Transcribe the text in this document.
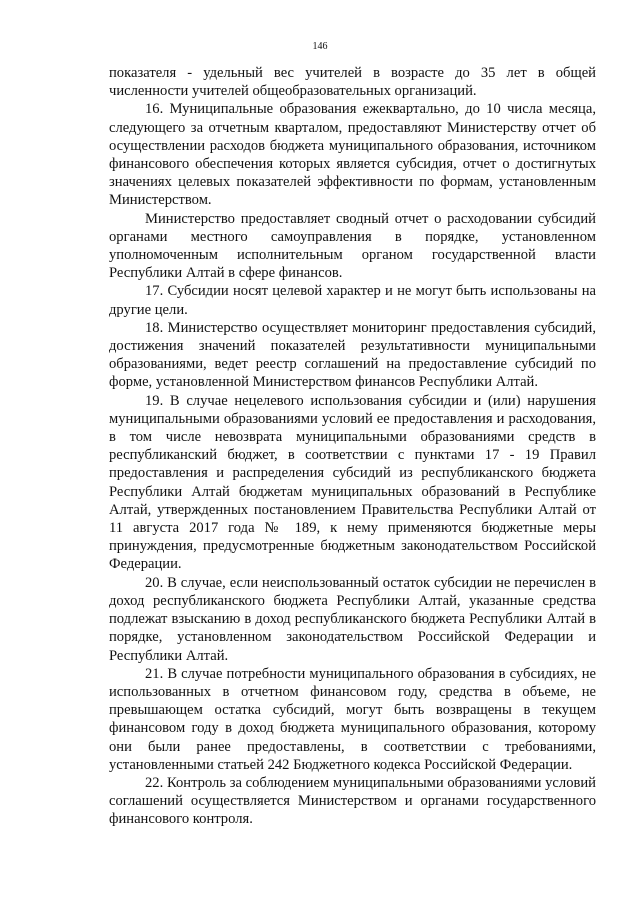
146

показателя - удельный вес учителей в возрасте до 35 лет в общей численности учителей общеобразовательных организаций.

16. Муниципальные образования ежеквартально, до 10 числа месяца, следующего за отчетным кварталом, предоставляют Министерству отчет об осуществлении расходов бюджета муниципального образования, источником финансового обеспечения которых является субсидия, отчет о достигнутых значениях целевых показателей эффективности по формам, установленным Министерством.

Министерство предоставляет сводный отчет о расходовании субсидий органами местного самоуправления в порядке, установленном уполномоченным исполнительным органом государственной власти Республики Алтай в сфере финансов.

17. Субсидии носят целевой характер и не могут быть использованы на другие цели.

18. Министерство осуществляет мониторинг предоставления субсидий, достижения значений показателей результативности муниципальными образованиями, ведет реестр соглашений на предоставление субсидий по форме, установленной Министерством финансов Республики Алтай.

19. В случае нецелевого использования субсидии и (или) нарушения муниципальными образованиями условий ее предоставления и расходования, в том числе невозврата муниципальными образованиями средств в республиканский бюджет, в соответствии с пунктами 17 - 19 Правил предоставления и распределения субсидий из республиканского бюджета Республики Алтай бюджетам муниципальных образований в Республике Алтай, утвержденных постановлением Правительства Республики Алтай от 11 августа 2017 года № 189, к нему применяются бюджетные меры принуждения, предусмотренные бюджетным законодательством Российской Федерации.

20. В случае, если неиспользованный остаток субсидии не перечислен в доход республиканского бюджета Республики Алтай, указанные средства подлежат взысканию в доход республиканского бюджета Республики Алтай в порядке, установленном законодательством Российской Федерации и Республики Алтай.

21. В случае потребности муниципального образования в субсидиях, не использованных в отчетном финансовом году, средства в объеме, не превышающем остатка субсидий, могут быть возвращены в текущем финансовом году в доход бюджета муниципального образования, которому они были ранее предоставлены, в соответствии с требованиями, установленными статьей 242 Бюджетного кодекса Российской Федерации.

22. Контроль за соблюдением муниципальными образованиями условий соглашений осуществляется Министерством и органами государственного финансового контроля.
